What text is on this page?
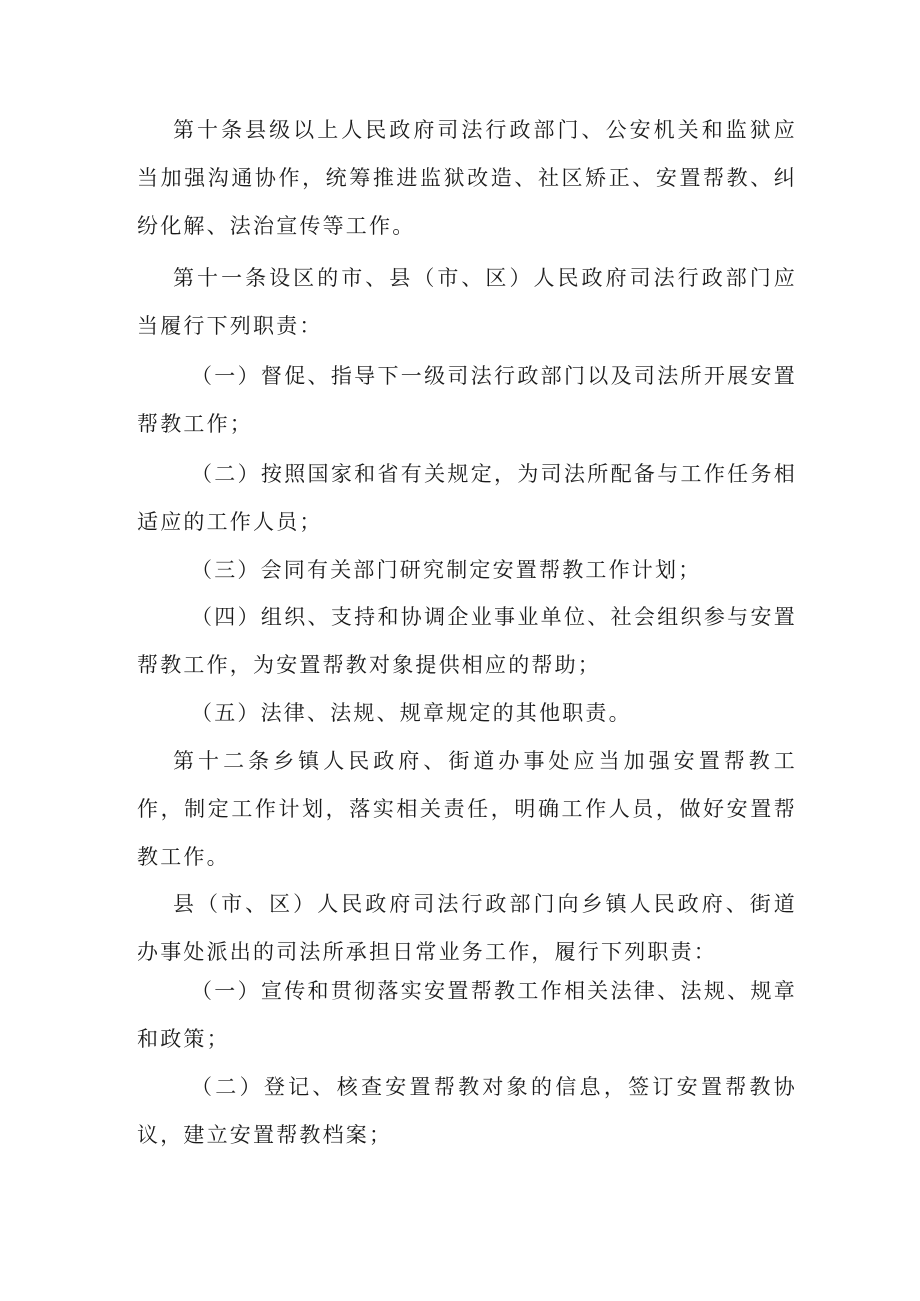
第十条县级以上人民政府司法行政部门、公安机关和监狱应当加强沟通协作，统筹推进监狱改造、社区矫正、安置帮教、纠纷化解、法治宣传等工作。

第十一条设区的市、县（市、区）人民政府司法行政部门应当履行下列职责：

（一）督促、指导下一级司法行政部门以及司法所开展安置帮教工作；

（二）按照国家和省有关规定，为司法所配备与工作任务相适应的工作人员；

（三）会同有关部门研究制定安置帮教工作计划；

（四）组织、支持和协调企业事业单位、社会组织参与安置帮教工作，为安置帮教对象提供相应的帮助；

（五）法律、法规、规章规定的其他职责。

第十二条乡镇人民政府、街道办事处应当加强安置帮教工作，制定工作计划，落实相关责任，明确工作人员，做好安置帮教工作。

县（市、区）人民政府司法行政部门向乡镇人民政府、街道办事处派出的司法所承担日常业务工作，履行下列职责：

（一）宣传和贯彻落实安置帮教工作相关法律、法规、规章和政策；

（二）登记、核查安置帮教对象的信息，签订安置帮教协议，建立安置帮教档案；
